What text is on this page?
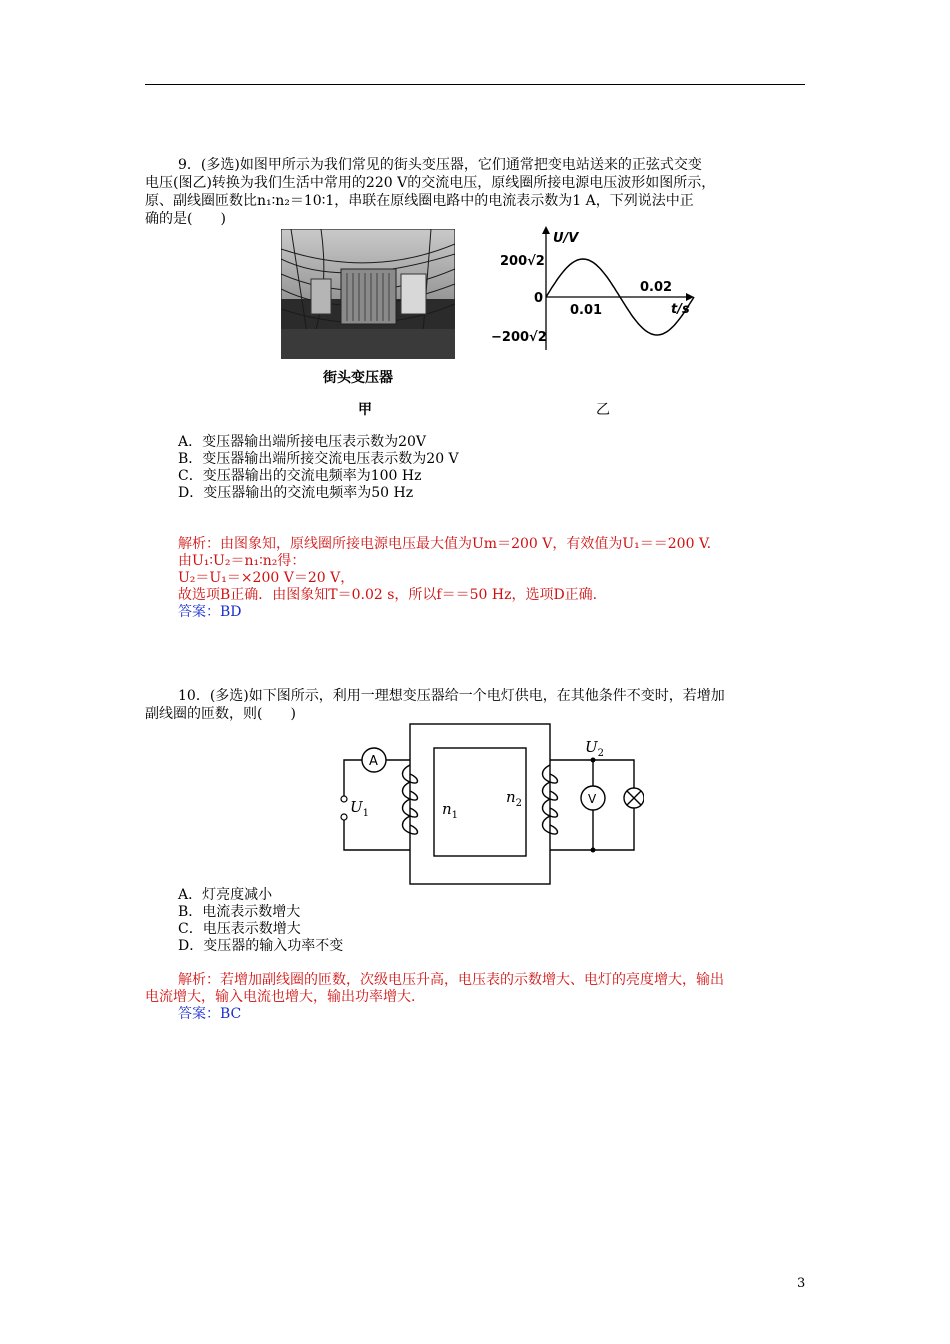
9．(多选)如图甲所示为我们常见的街头变压器，它们通常把变电站送来的正弦式交变
电压(图乙)转换为我们生活中常用的220 V的交流电压，原线圈所接电源电压波形如图所示，
原、副线圈匝数比n₁∶n₂＝10∶1，串联在原线圈电路中的电流表示数为1 A，下列说法中正
确的是(　　)
街头变压器
甲
U/V
t/s
200√2
−200√2
0
0.01
0.02
乙
A．变压器输出端所接电压表示数为20V
B．变压器输出端所接交流电压表示数为20 V
C．变压器输出的交流电频率为100 Hz
D．变压器输出的交流电频率为50 Hz
解析：由图象知，原线圈所接电源电压最大值为Um＝200 V，有效值为U₁＝＝200 V.
由U₁∶U₂＝n₁∶n₂得：
U₂＝U₁＝×200 V＝20 V，
故选项B正确．由图象知T＝0.02 s，所以f＝＝50 Hz，选项D正确.
答案：BD
10．(多选)如下图所示，利用一理想变压器给一个电灯供电，在其他条件不变时，若增加
副线圈的匝数，则(　　)
A
V
$U_1$
$U_2$
$n_1$
$n_2$
A．灯亮度减小
B．电流表示数增大
C．电压表示数增大
D．变压器的输入功率不变
解析：若增加副线圈的匝数，次级电压升高，电压表的示数增大、电灯的亮度增大，输出
电流增大，输入电流也增大，输出功率增大.
答案：BC
3
